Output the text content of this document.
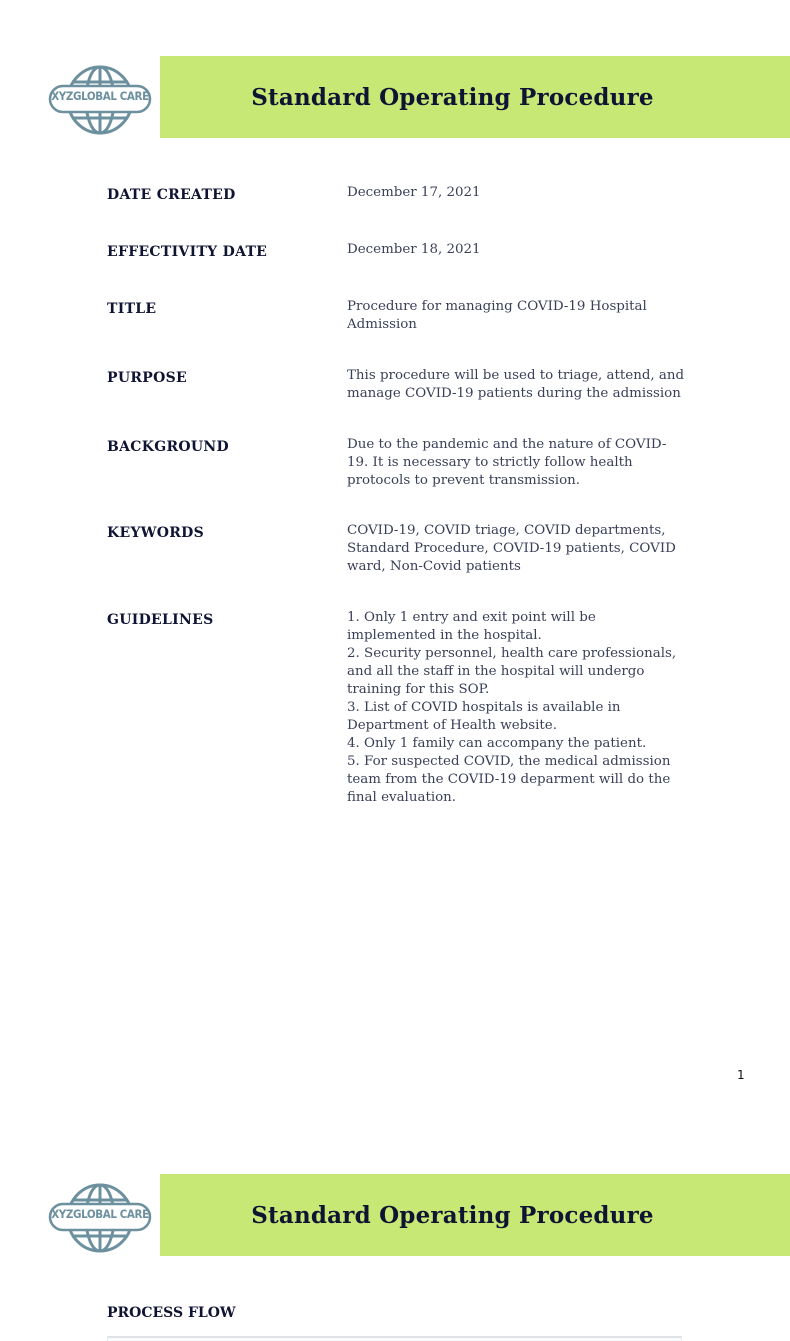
XYZGLOBAL CARE	Standard Operating Procedure
DATE CREATED	December 17, 2021
EFFECTIVITY DATE	December 18, 2021
TITLE	Procedure for managing COVID-19 Hospital Admission
PURPOSE	This procedure will be used to triage, attend, and manage COVID-19 patients during the admission
BACKGROUND	Due to the pandemic and the nature of COVID-19. It is necessary to strictly follow health protocols to prevent transmission.
KEYWORDS	COVID-19, COVID triage, COVID departments, Standard Procedure, COVID-19 patients, COVID ward, Non-Covid patients
GUIDELINES	1. Only 1 entry and exit point will be implemented in the hospital.
2. Security personnel, health care professionals, and all the staff in the hospital will undergo training for this SOP.
3. List of COVID hospitals is available in Department of Health website.
4. Only 1 family can accompany the patient.
5. For suspected COVID, the medical admission team from the COVID-19 deparment will do the final evaluation.
1
XYZGLOBAL CARE	Standard Operating Procedure
PROCESS FLOW
